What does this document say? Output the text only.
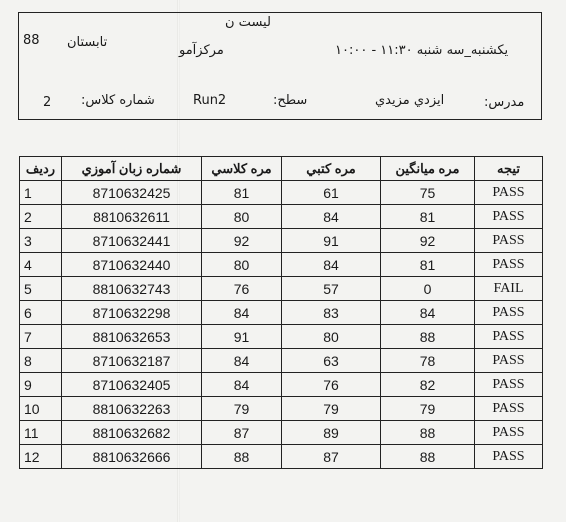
لیست ن
مرکزآمو
88 تابستان
یکشنبه_سه شنبه ۱۱:۳۰ - ۱۰:۰۰
2 شماره کلاس:	Run2	سطح:	ایزدي مزيدي	مدرس:
ردیف	شماره زبان آموزي	مره كلاسي	مره كتبي	مره ميانگين	تيجه
1	8710632425	81	61	75	PASS
2	8810632611	80	84	81	PASS
3	8710632441	92	91	92	PASS
4	8710632440	80	84	81	PASS
5	8810632743	76	57	0	FAIL
6	8710632298	84	83	84	PASS
7	8810632653	91	80	88	PASS
8	8710632187	84	63	78	PASS
9	8710632405	84	76	82	PASS
10	8810632263	79	79	79	PASS
11	8810632682	87	89	88	PASS
12	8810632666	88	87	88	PASS
